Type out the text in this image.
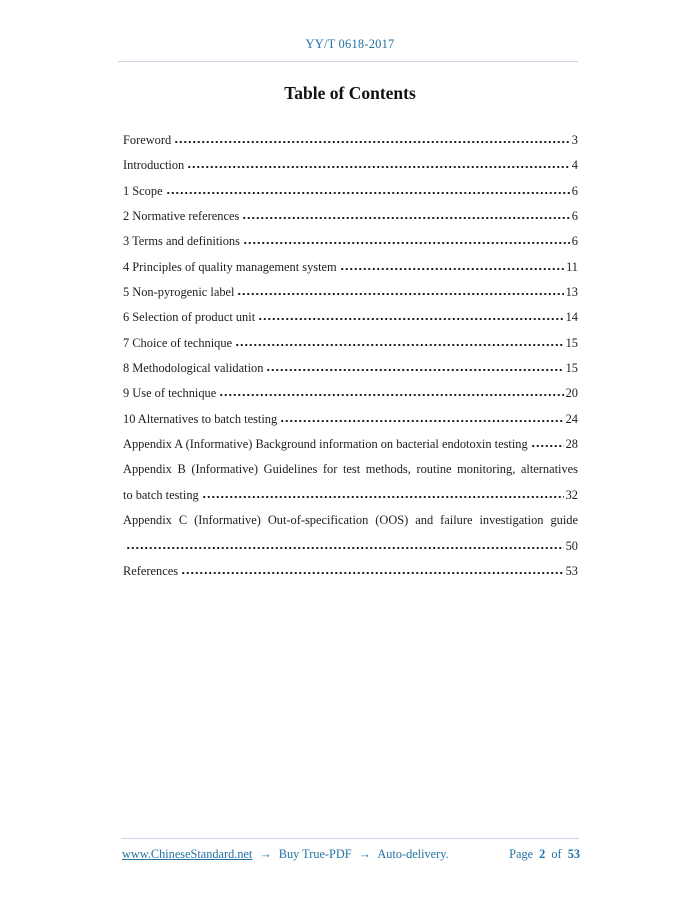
YY/T 0618-2017
Table of Contents
Foreword	3
Introduction	4
1 Scope	6
2 Normative references	6
3 Terms and definitions	6
4 Principles of quality management system	11
5 Non-pyrogenic label	13
6 Selection of product unit	14
7 Choice of technique	15
8 Methodological validation	15
9 Use of technique	20
10 Alternatives to batch testing	24
Appendix A (Informative) Background information on bacterial endotoxin testing	28
Appendix B (Informative) Guidelines for test methods, routine monitoring, alternatives
to batch testing	32
Appendix C (Informative) Out-of-specification (OOS) and failure investigation guide
50
References	53
www.ChineseStandard.net → Buy True-PDF → Auto-delivery.	Page 2 of 53
